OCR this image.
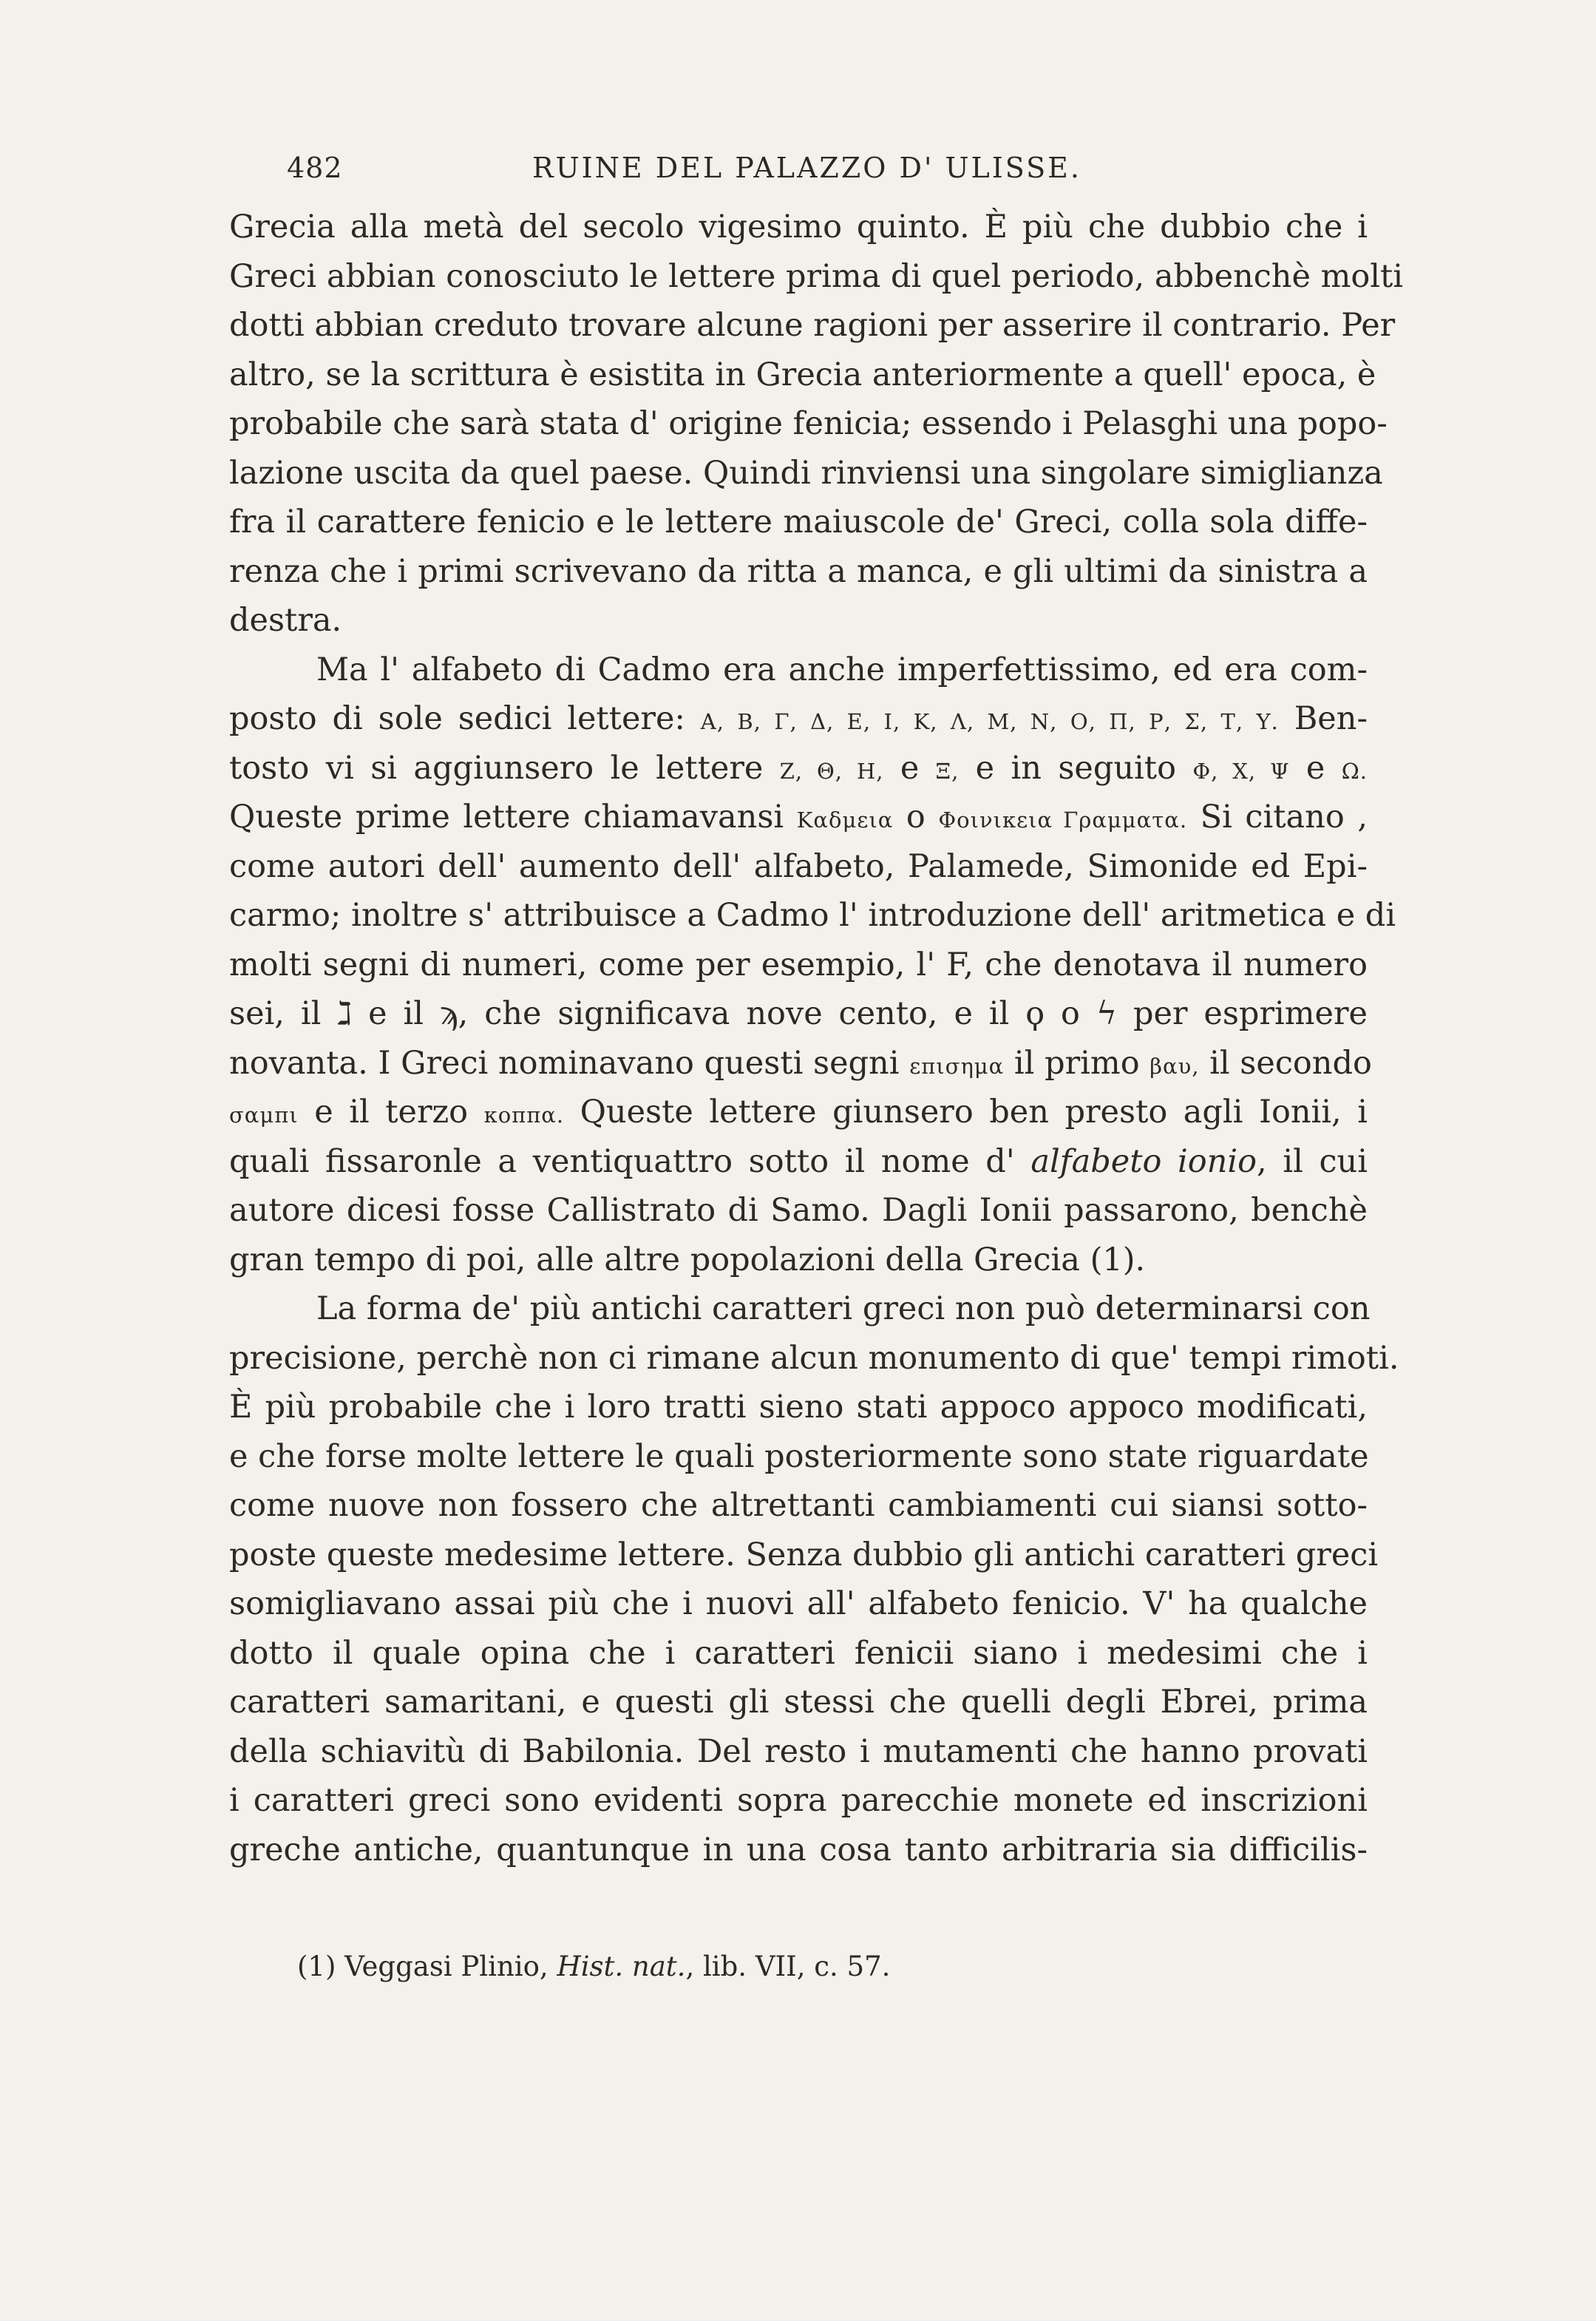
482	RUINE DEL PALAZZO D' ULISSE.
Grecia alla metà del secolo vigesimo quinto. È più che dubbio che i
Greci abbian conosciuto le lettere prima di quel periodo, abbenchè molti
dotti abbian creduto trovare alcune ragioni per asserire il contrario. Per
altro, se la scrittura è esistita in Grecia anteriormente a quell' epoca, è
probabile che sarà stata d' origine fenicia; essendo i Pelasghi una popo-
lazione uscita da quel paese. Quindi rinviensi una singolare simiglianza
fra il carattere fenicio e le lettere maiuscole de' Greci, colla sola diffe-
renza che i primi scrivevano da ritta a manca, e gli ultimi da sinistra a
destra.
Ma l' alfabeto di Cadmo era anche imperfettissimo, ed era com-
posto di sole sedici lettere: Α, Β, Γ, Δ, Ε, Ι, Κ, Λ, Μ, Ν, Ο, Π, Ρ, Σ, Τ, Υ. Ben-
tosto vi si aggiunsero le lettere Ζ, Θ, Η, e Ξ, e in seguito Φ, Χ, Ψ e Ω.
Queste prime lettere chiamavansi Καδμεια o Φοινικεια Γραμματα. Si citano ,
come autori dell' aumento dell' alfabeto, Palamede, Simonide ed Epi-
carmo; inoltre s' attribuisce a Cadmo l' introduzione dell' aritmetica e di
molti segni di numeri, come per esempio, l' F, che denotava il numero
sei, il ℷ e il ϡ, che significava nove cento, e il ϙ o ϟ per esprimere
novanta. I Greci nominavano questi segni επισημα il primo βαυ, il secondo
σαμπι e il terzo κοππα. Queste lettere giunsero ben presto agli Ionii, i
quali fissaronle a ventiquattro sotto il nome d' alfabeto ionio, il cui
autore dicesi fosse Callistrato di Samo. Dagli Ionii passarono, benchè
gran tempo di poi, alle altre popolazioni della Grecia (1).
La forma de' più antichi caratteri greci non può determinarsi con
precisione, perchè non ci rimane alcun monumento di que' tempi rimoti.
È più probabile che i loro tratti sieno stati appoco appoco modificati,
e che forse molte lettere le quali posteriormente sono state riguardate
come nuove non fossero che altrettanti cambiamenti cui siansi sotto-
poste queste medesime lettere. Senza dubbio gli antichi caratteri greci
somigliavano assai più che i nuovi all' alfabeto fenicio. V' ha qualche
dotto il quale opina che i caratteri fenicii siano i medesimi che i
caratteri samaritani, e questi gli stessi che quelli degli Ebrei, prima
della schiavitù di Babilonia. Del resto i mutamenti che hanno provati
i caratteri greci sono evidenti sopra parecchie monete ed inscrizioni
greche antiche, quantunque in una cosa tanto arbitraria sia difficilis-
(1) Veggasi Plinio, Hist. nat., lib. VII, c. 57.
